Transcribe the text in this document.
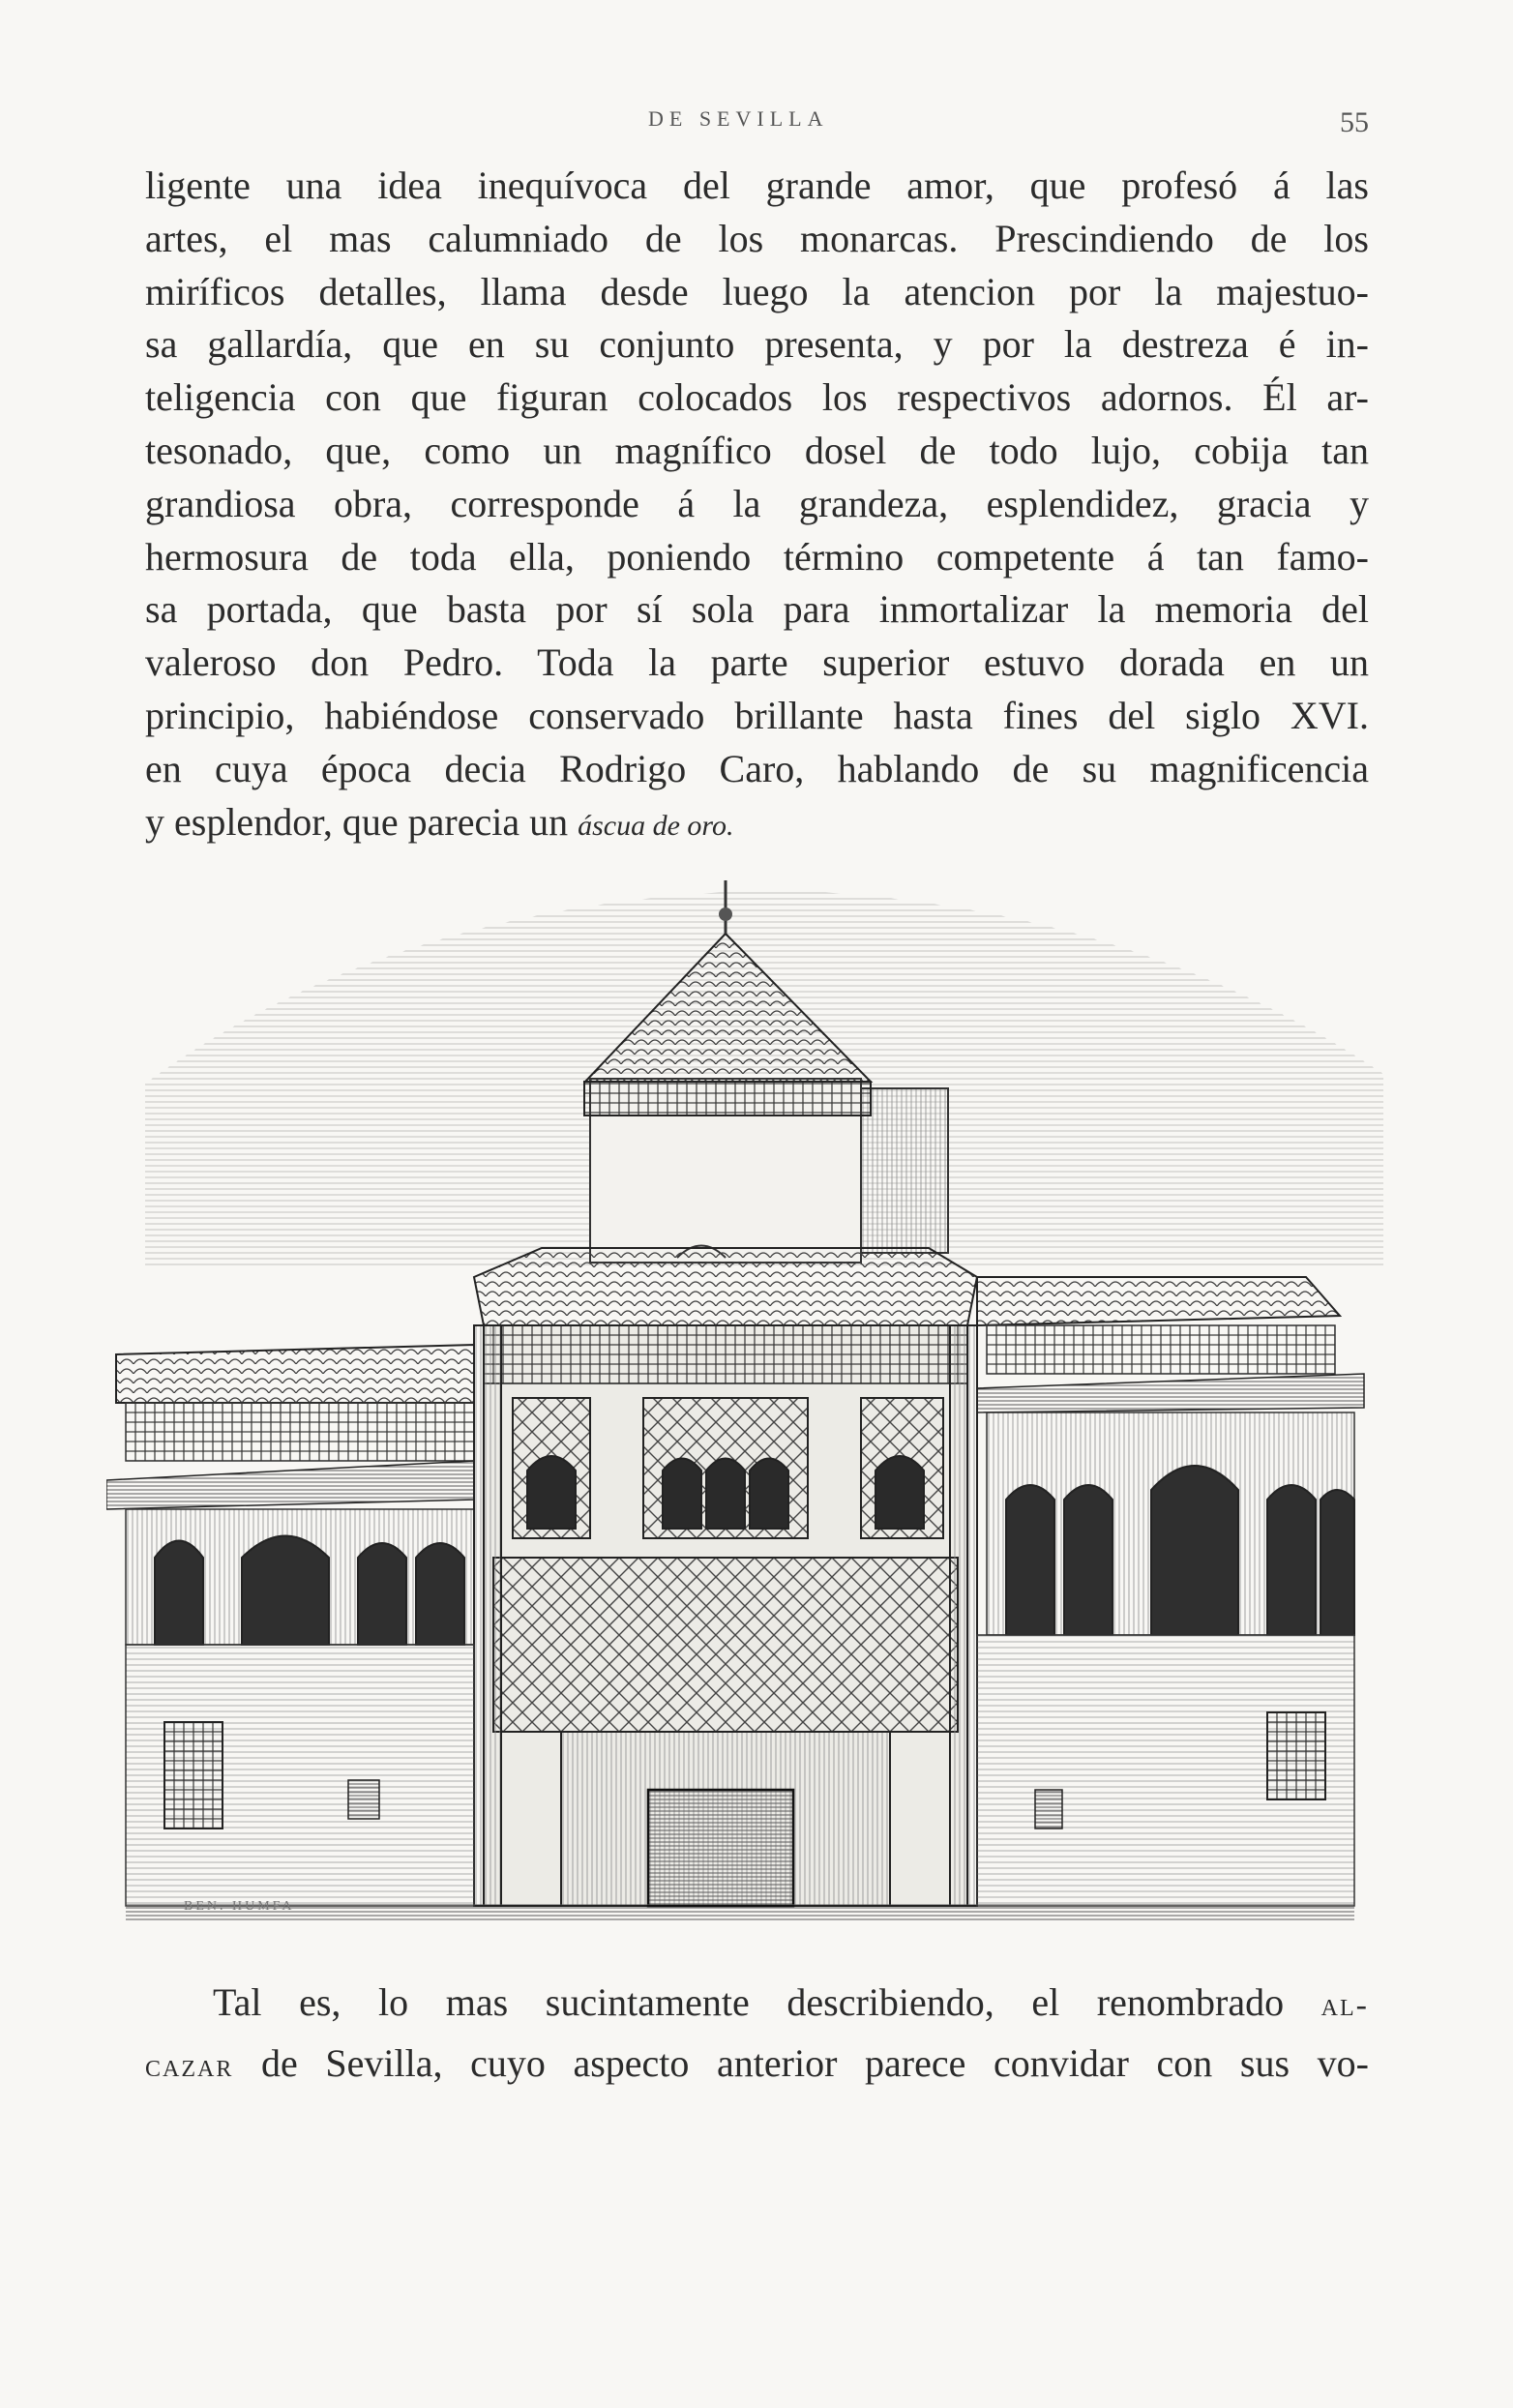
DE SEVILLA	55
ligente una idea inequívoca del grande amor, que profesó á las
artes, el mas calumniado de los monarcas. Prescindiendo de los
miríficos detalles, llama desde luego la atencion por la majestuo-
sa gallardía, que en su conjunto presenta, y por la destreza é in-
teligencia con que figuran colocados los respectivos adornos. Él ar-
tesonado, que, como un magnífico dosel de todo lujo, cobija tan
grandiosa obra, corresponde á la grandeza, esplendidez, gracia y
hermosura de toda ella, poniendo término competente á tan famo-
sa portada, que basta por sí sola para inmortalizar la memoria del
valeroso don Pedro. Toda la parte superior estuvo dorada en un
principio, habiéndose conservado brillante hasta fines del siglo XVI.
en cuya época decia Rodrigo Caro, hablando de su magnificencia
y esplendor, que parecia un áscua de oro.
BEN. HUMFA
Tal es, lo mas sucintamente describiendo, el renombrado al-
cazar de Sevilla, cuyo aspecto anterior parece convidar con sus vo-
